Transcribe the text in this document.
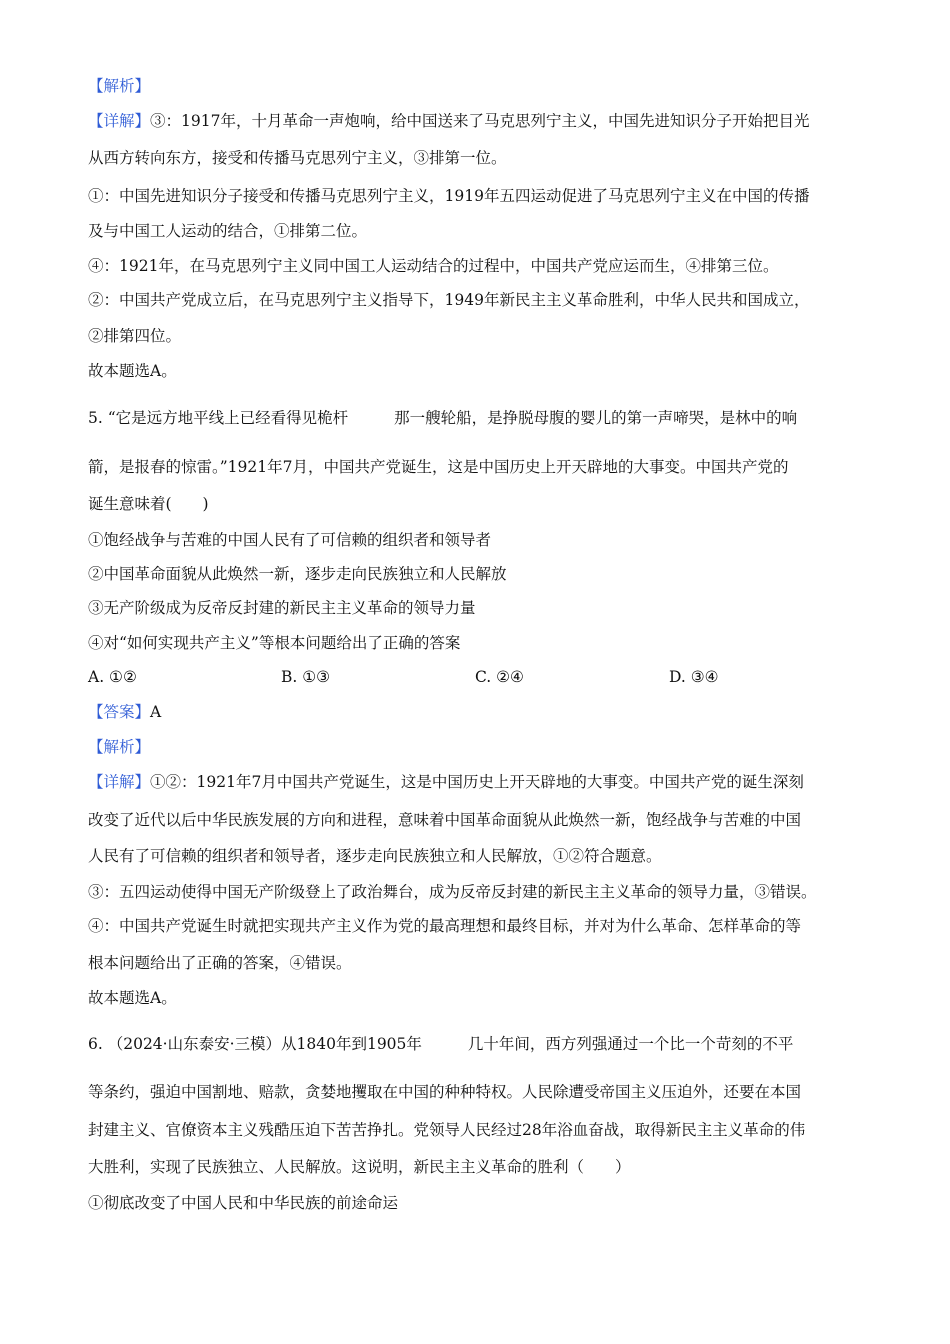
【解析】
【详解】③：1917年，十月革命一声炮响，给中国送来了马克思列宁主义，中国先进知识分子开始把目光
从西方转向东方，接受和传播马克思列宁主义，③排第一位。
①：中国先进知识分子接受和传播马克思列宁主义，1919年五四运动促进了马克思列宁主义在中国的传播
及与中国工人运动的结合，①排第二位。
④：1921年，在马克思列宁主义同中国工人运动结合的过程中，中国共产党应运而生，④排第三位。
②：中国共产党成立后，在马克思列宁主义指导下，1949年新民主主义革命胜利，中华人民共和国成立，
②排第四位。
故本题选A。
5. “它是远方地平线上已经看得见桅杆	那一艘轮船，是挣脱母腹的婴儿的第一声啼哭，是林中的响
箭，是报春的惊雷。”1921年7月，中国共产党诞生，这是中国历史上开天辟地的大事变。中国共产党的
诞生意味着(　　)
①饱经战争与苦难的中国人民有了可信赖的组织者和领导者
②中国革命面貌从此焕然一新，逐步走向民族独立和人民解放
③无产阶级成为反帝反封建的新民主主义革命的领导力量
④对“如何实现共产主义”等根本问题给出了正确的答案
A. ①②	B. ①③	C. ②④	D. ③④
【答案】A
【解析】
【详解】①②：1921年7月中国共产党诞生，这是中国历史上开天辟地的大事变。中国共产党的诞生深刻
改变了近代以后中华民族发展的方向和进程，意味着中国革命面貌从此焕然一新，饱经战争与苦难的中国
人民有了可信赖的组织者和领导者，逐步走向民族独立和人民解放，①②符合题意。
③：五四运动使得中国无产阶级登上了政治舞台，成为反帝反封建的新民主主义革命的领导力量，③错误。
④：中国共产党诞生时就把实现共产主义作为党的最高理想和最终目标，并对为什么革命、怎样革命的等
根本问题给出了正确的答案，④错误。
故本题选A。
6. （2024·山东泰安·三模）从1840年到1905年	几十年间，西方列强通过一个比一个苛刻的不平
等条约，强迫中国割地、赔款，贪婪地攫取在中国的种种特权。人民除遭受帝国主义压迫外，还要在本国
封建主义、官僚资本主义残酷压迫下苦苦挣扎。党领导人民经过28年浴血奋战，取得新民主主义革命的伟
大胜利，实现了民族独立、人民解放。这说明，新民主主义革命的胜利（　　）
①彻底改变了中国人民和中华民族的前途命运
